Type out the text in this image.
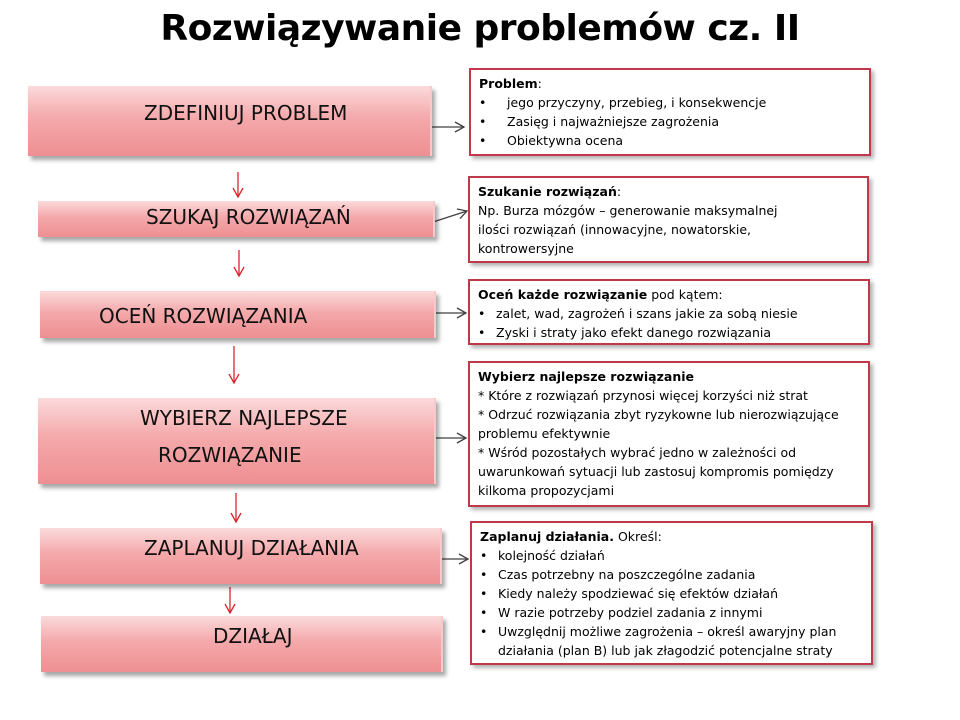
Rozwiązywanie problemów cz. II
ZDEFINIUJ PROBLEM
SZUKAJ ROZWIĄZAŃ
OCEŃ ROZWIĄZANIA
WYBIERZ NAJLEPSZE
ROZWIĄZANIE
ZAPLANUJ DZIAŁANIA
DZIAŁAJ
Problem:
• jego przyczyny, przebieg, i konsekwencje
• Zasięg i najważniejsze zagrożenia
• Obiektywna ocena
Szukanie rozwiązań:
Np. Burza mózgów – generowanie maksymalnej
ilości rozwiązań (innowacyjne, nowatorskie,
kontrowersyjne
Oceń każde rozwiązanie pod kątem:
• zalet, wad, zagrożeń i szans jakie za sobą niesie
• Zyski i straty jako efekt danego rozwiązania
Wybierz najlepsze rozwiązanie
* Które z rozwiązań przynosi więcej korzyści niż strat
* Odrzuć rozwiązania zbyt ryzykowne lub nierozwiązujące
problemu efektywnie
* Wśród pozostałych wybrać jedno w zależności od
uwarunkowań sytuacji lub zastosuj kompromis pomiędzy
kilkoma propozycjami
Zaplanuj działania. Określ:
• kolejność działań
• Czas potrzebny na poszczególne zadania
• Kiedy należy spodziewać się efektów działań
• W razie potrzeby podziel zadania z innymi
• Uwzględnij możliwe zagrożenia – określ awaryjny plan
działania (plan B) lub jak złagodzić potencjalne straty
